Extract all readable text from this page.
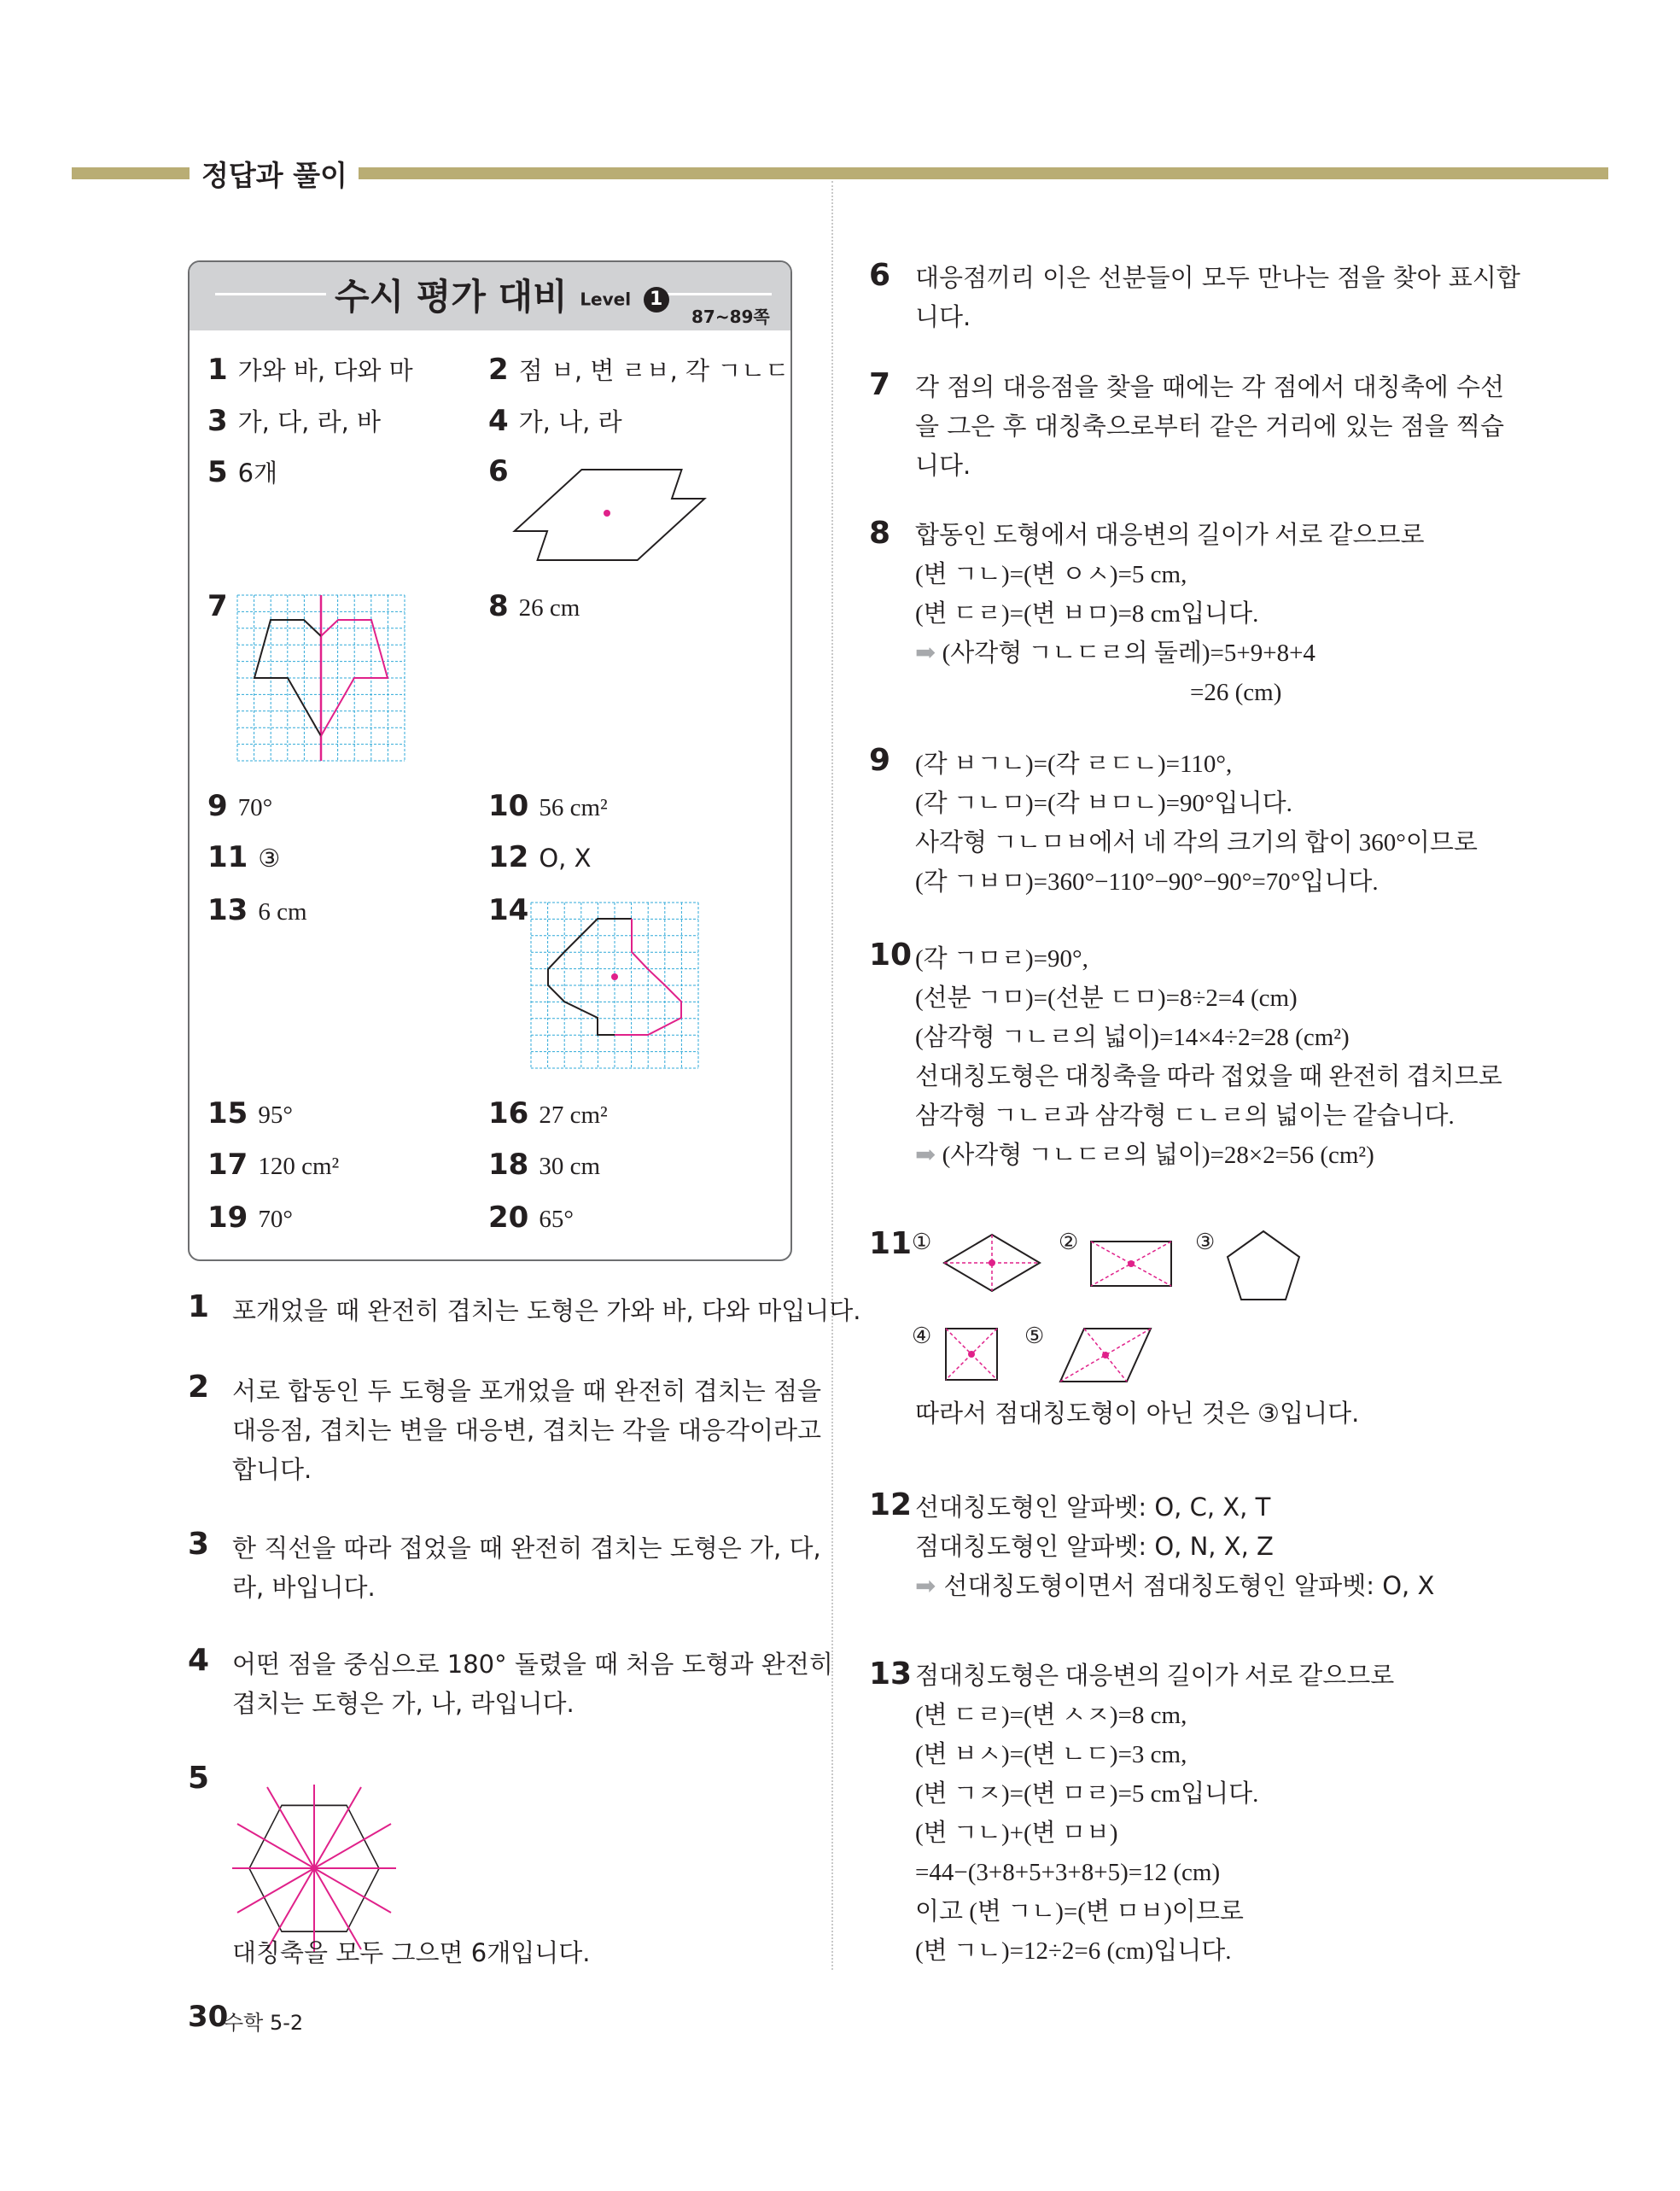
정답과 풀이
수시 평가 대비 Level 1
87~89쪽
1 가와 바, 다와 마	2 점 ㅂ, 변 ㄹㅂ, 각 ㄱㄴㄷ
3 가, 다, 라, 바	4 가, 나, 라
5 6개	6
7	8 26 cm
9 70°	10 56 cm²
11 ③	12 O, X
13 6 cm	14
15 95°	16 27 cm²
17 120 cm²	18 30 cm
19 70°	20 65°
1 포개었을 때 완전히 겹치는 도형은 가와 바, 다와 마입니다.
2 서로 합동인 두 도형을 포개었을 때 완전히 겹치는 점을
대응점, 겹치는 변을 대응변, 겹치는 각을 대응각이라고
합니다.
3 한 직선을 따라 접었을 때 완전히 겹치는 도형은 가, 다,
라, 바입니다.
4 어떤 점을 중심으로 180° 돌렸을 때 처음 도형과 완전히
겹치는 도형은 가, 나, 라입니다.
5
대칭축을 모두 그으면 6개입니다.
6 대응점끼리 이은 선분들이 모두 만나는 점을 찾아 표시합
니다.
7 각 점의 대응점을 찾을 때에는 각 점에서 대칭축에 수선
을 그은 후 대칭축으로부터 같은 거리에 있는 점을 찍습
니다.
8 합동인 도형에서 대응변의 길이가 서로 같으므로
(변 ㄱㄴ)=(변 ㅇㅅ)=5 cm,
(변 ㄷㄹ)=(변 ㅂㅁ)=8 cm입니다.
➡ (사각형 ㄱㄴㄷㄹ의 둘레)=5+9+8+4
=26 (cm)
9 (각 ㅂㄱㄴ)=(각 ㄹㄷㄴ)=110°,
(각 ㄱㄴㅁ)=(각 ㅂㅁㄴ)=90°입니다.
사각형 ㄱㄴㅁㅂ에서 네 각의 크기의 합이 360°이므로
(각 ㄱㅂㅁ)=360°−110°−90°−90°=70°입니다.
10 (각 ㄱㅁㄹ)=90°,
(선분 ㄱㅁ)=(선분 ㄷㅁ)=8÷2=4 (cm)
(삼각형 ㄱㄴㄹ의 넓이)=14×4÷2=28 (cm²)
선대칭도형은 대칭축을 따라 접었을 때 완전히 겹치므로
삼각형 ㄱㄴㄹ과 삼각형 ㄷㄴㄹ의 넓이는 같습니다.
➡ (사각형 ㄱㄴㄷㄹ의 넓이)=28×2=56 (cm²)
11 ①	②	③
④	⑤
따라서 점대칭도형이 아닌 것은 ③입니다.
12 선대칭도형인 알파벳: O, C, X, T
점대칭도형인 알파벳: O, N, X, Z
➡ 선대칭도형이면서 점대칭도형인 알파벳: O, X
13 점대칭도형은 대응변의 길이가 서로 같으므로
(변 ㄷㄹ)=(변 ㅅㅈ)=8 cm,
(변 ㅂㅅ)=(변 ㄴㄷ)=3 cm,
(변 ㄱㅈ)=(변 ㅁㄹ)=5 cm입니다.
(변 ㄱㄴ)+(변 ㅁㅂ)
=44−(3+8+5+3+8+5)=12 (cm)
이고 (변 ㄱㄴ)=(변 ㅁㅂ)이므로
(변 ㄱㄴ)=12÷2=6 (cm)입니다.
30
수학 5-2
